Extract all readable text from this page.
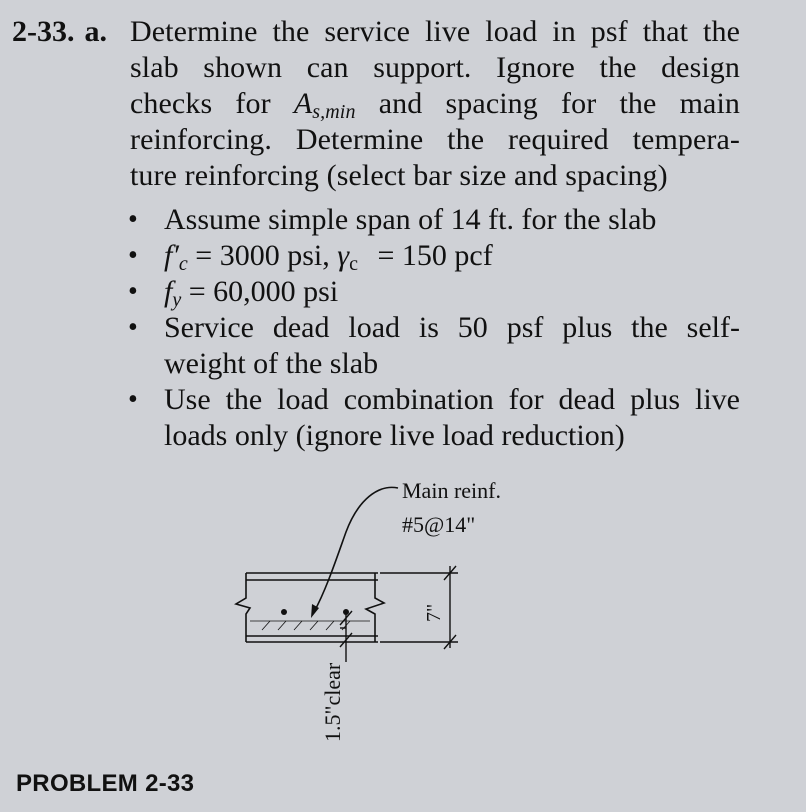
2-33. a. Determine the service live load in psf that the
slab shown can support. Ignore the design
checks for $A_{s,min}$ and spacing for the main
reinforcing. Determine the required tempera-
ture reinforcing (select bar size and spacing)
• Assume simple span of 14 ft. for the slab
• $f'_c = 3000$ psi, $\gamma_c = 150$ pcf
• $f_y = 60,000$ psi
• Service dead load is 50 psf plus the self-
weight of the slab
• Use the load combination for dead plus live
loads only (ignore live load reduction)
Main reinf.
#5@14"
7"
1.5"clear
PROBLEM 2-33
